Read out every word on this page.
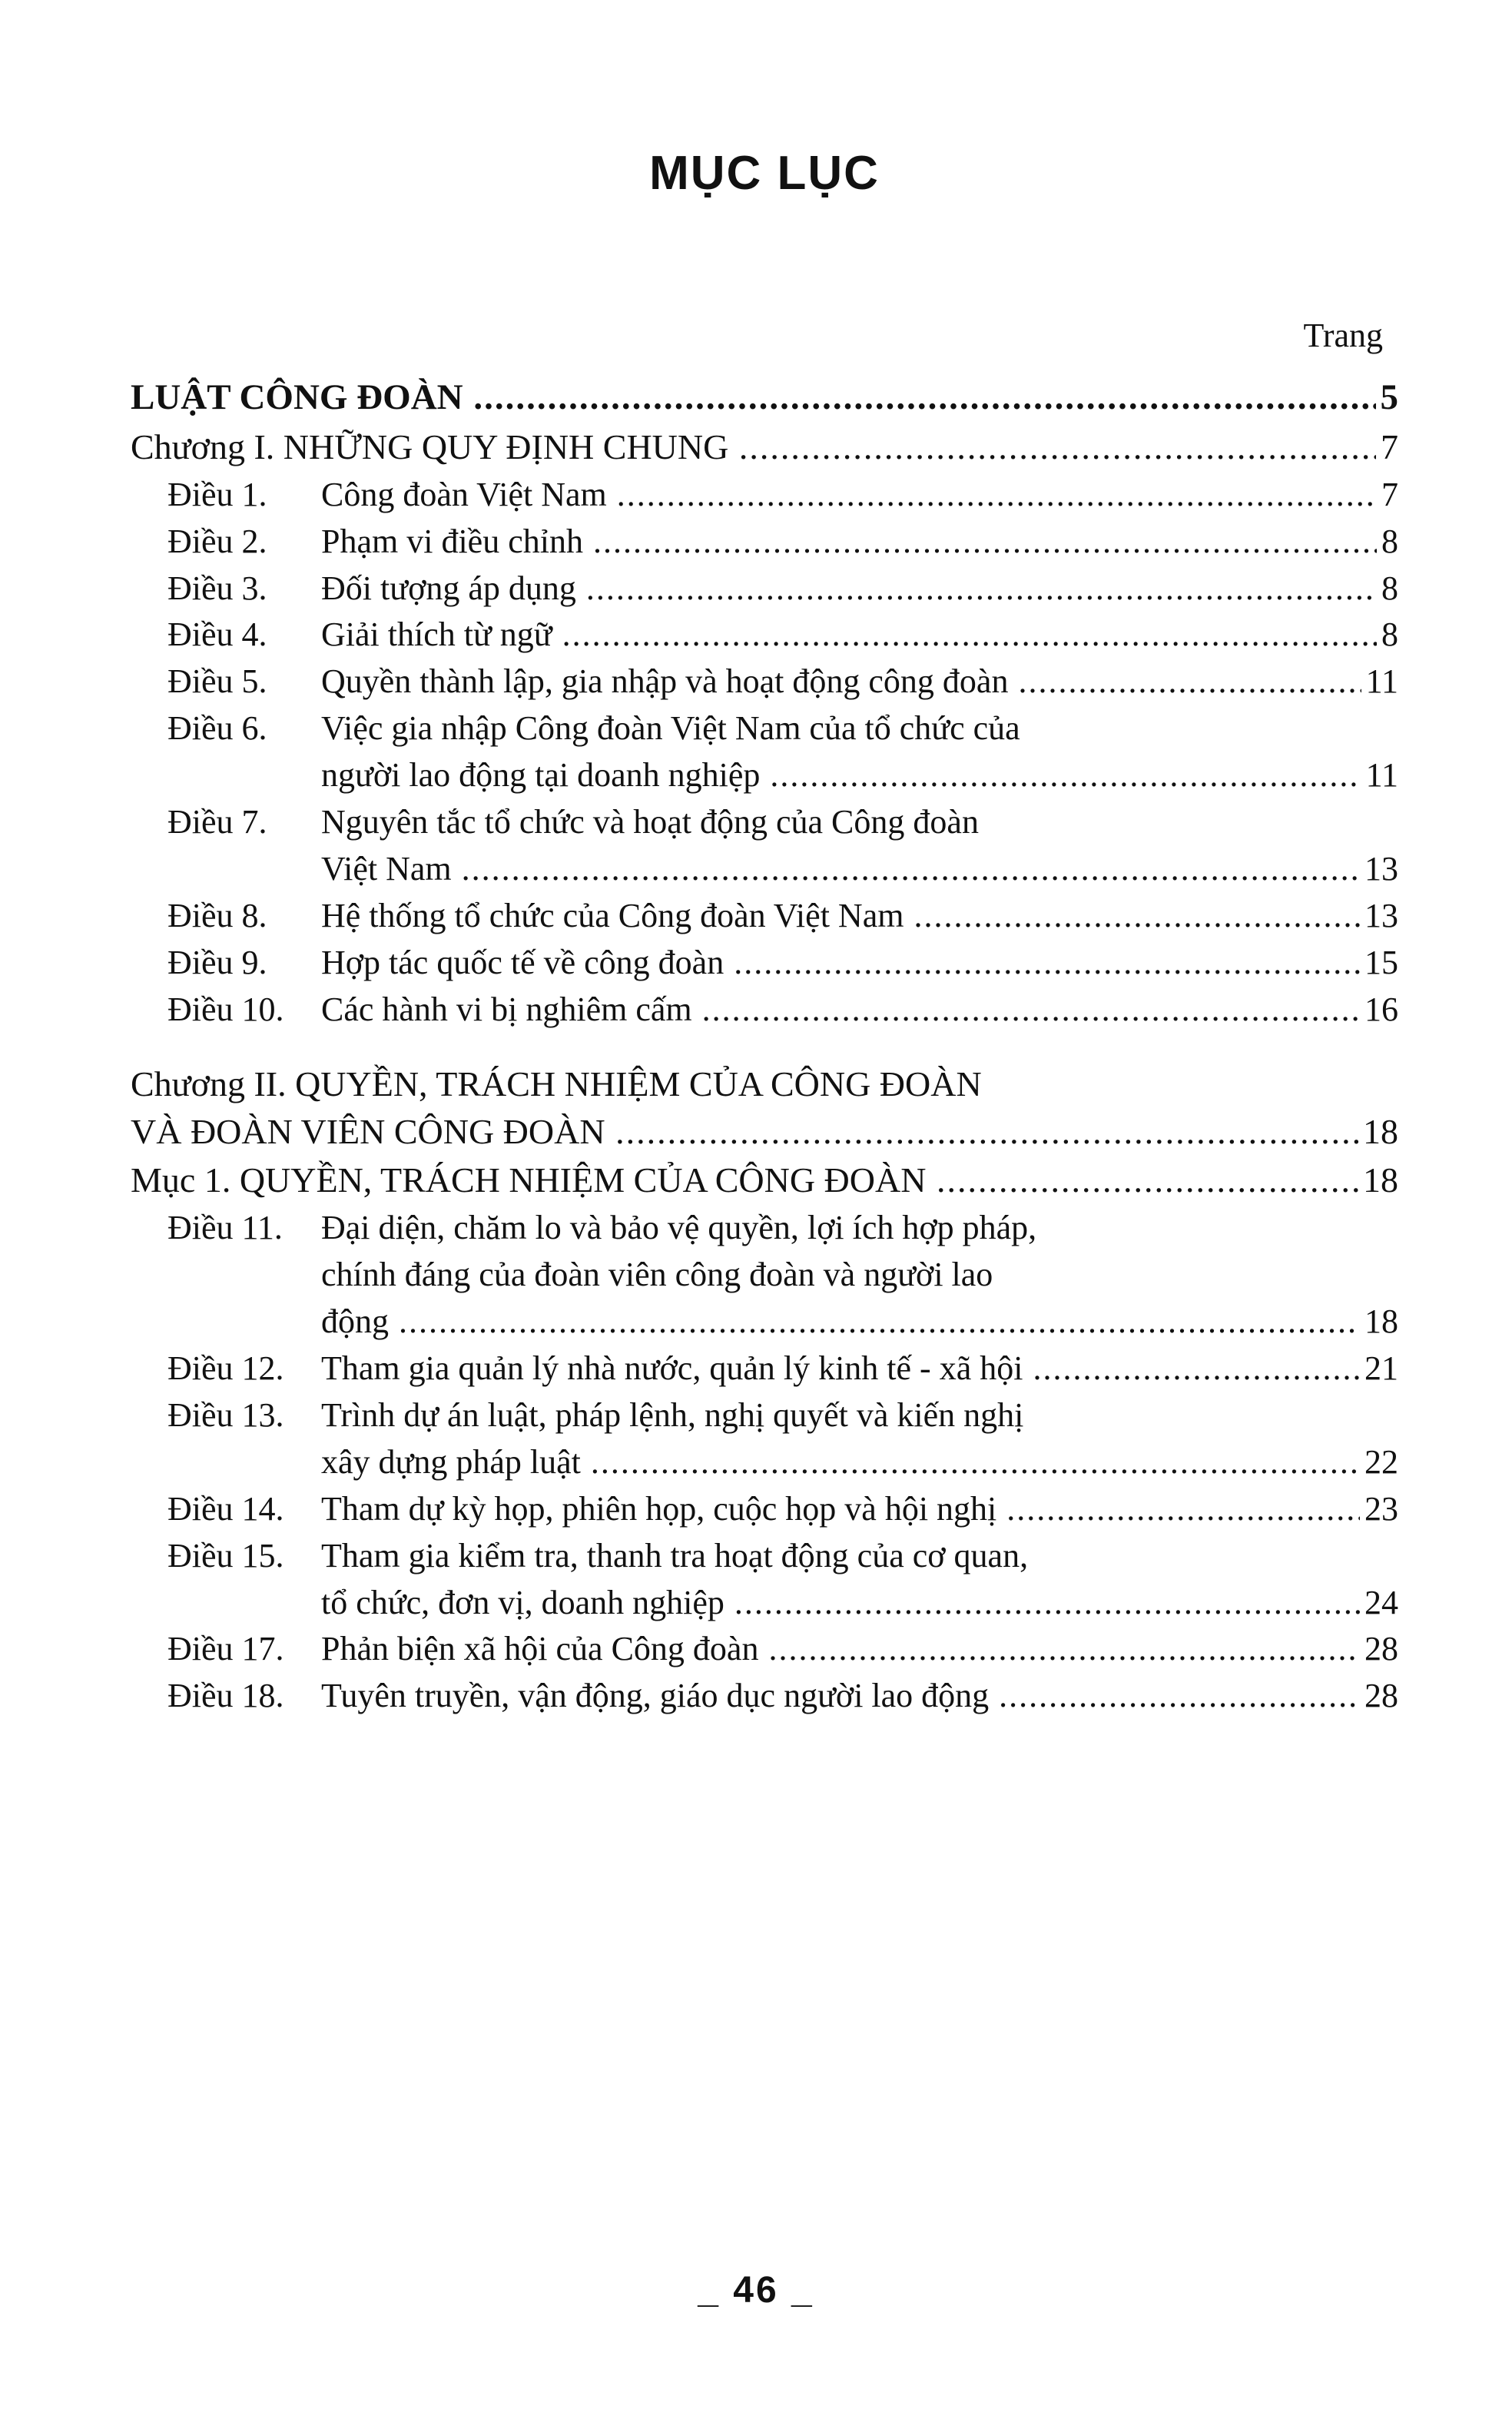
MỤC LỤC
Trang
LUẬT CÔNG ĐOÀN .....	5
Chương I. NHỮNG QUY ĐỊNH CHUNG .....	7
Điều 1.	Công đoàn Việt Nam .....	7
Điều 2.	Phạm vi điều chỉnh .....	8
Điều 3.	Đối tượng áp dụng .....	8
Điều 4.	Giải thích từ ngữ .....	8
Điều 5.	Quyền thành lập, gia nhập và hoạt động công đoàn .....	11
Điều 6.	Việc gia nhập Công đoàn Việt Nam của tổ chức của
người lao động tại doanh nghiệp .....	11
Điều 7.	Nguyên tắc tổ chức và hoạt động của Công đoàn
Việt Nam .....	13
Điều 8.	Hệ thống tổ chức của Công đoàn Việt Nam .....	13
Điều 9.	Hợp tác quốc tế về công đoàn .....	15
Điều 10.	Các hành vi bị nghiêm cấm .....	16
Chương II. QUYỀN, TRÁCH NHIỆM CỦA CÔNG ĐOÀN
VÀ ĐOÀN VIÊN CÔNG ĐOÀN .....	18
Mục 1. QUYỀN, TRÁCH NHIỆM CỦA CÔNG ĐOÀN .....	18
Điều 11.	Đại diện, chăm lo và bảo vệ quyền, lợi ích hợp pháp,
chính đáng của đoàn viên công đoàn và người lao
động .....	18
Điều 12.	Tham gia quản lý nhà nước, quản lý kinh tế - xã hội .....	21
Điều 13.	Trình dự án luật, pháp lệnh, nghị quyết và kiến nghị
xây dựng pháp luật .....	22
Điều 14.	Tham dự kỳ họp, phiên họp, cuộc họp và hội nghị .....	23
Điều 15.	Tham gia kiểm tra, thanh tra hoạt động của cơ quan,
tổ chức, đơn vị, doanh nghiệp .....	24
Điều 17.	Phản biện xã hội của Công đoàn .....	28
Điều 18.	Tuyên truyền, vận động, giáo dục người lao động .....	28
_ 46 _
